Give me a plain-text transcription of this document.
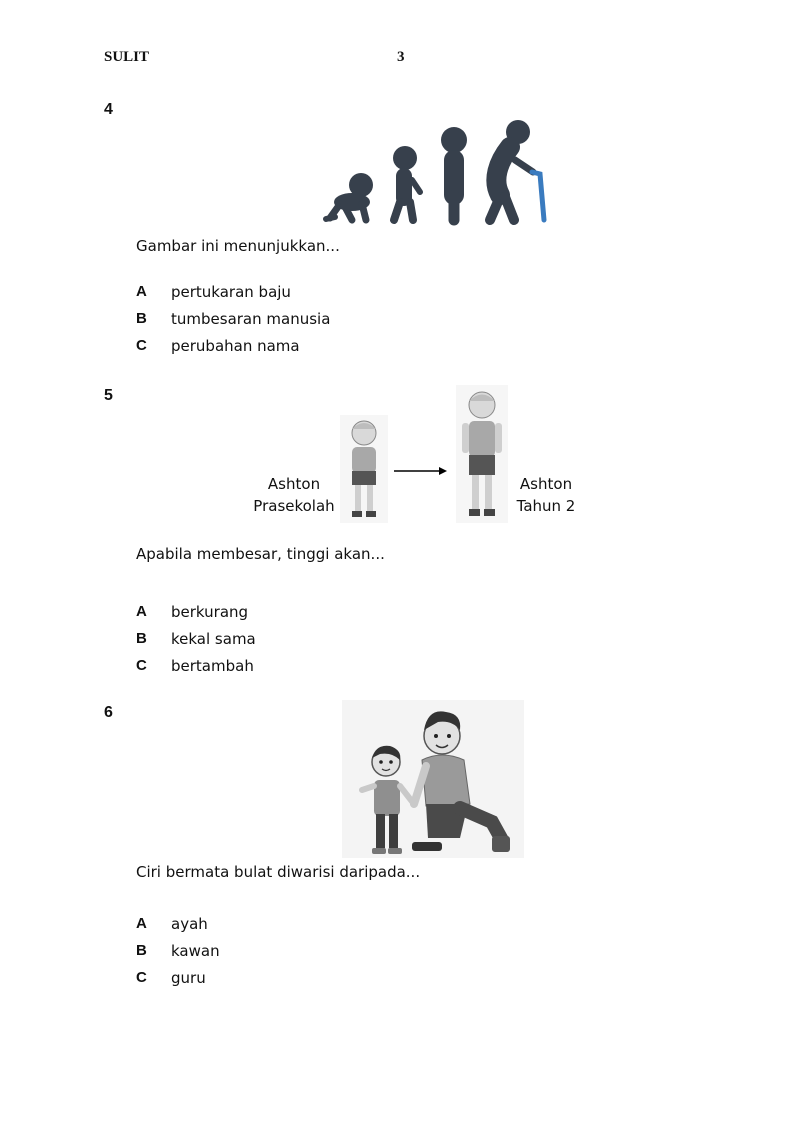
SULIT	3
4
Gambar ini menunjukkan...
A pertukaran baju
B tumbesaran manusia
C perubahan nama
5
Ashton
Prasekolah
Ashton
Tahun 2
Apabila membesar, tinggi akan...
A berkurang
B kekal sama
C bertambah
6
Ciri bermata bulat diwarisi daripada...
A ayah
B kawan
C guru
